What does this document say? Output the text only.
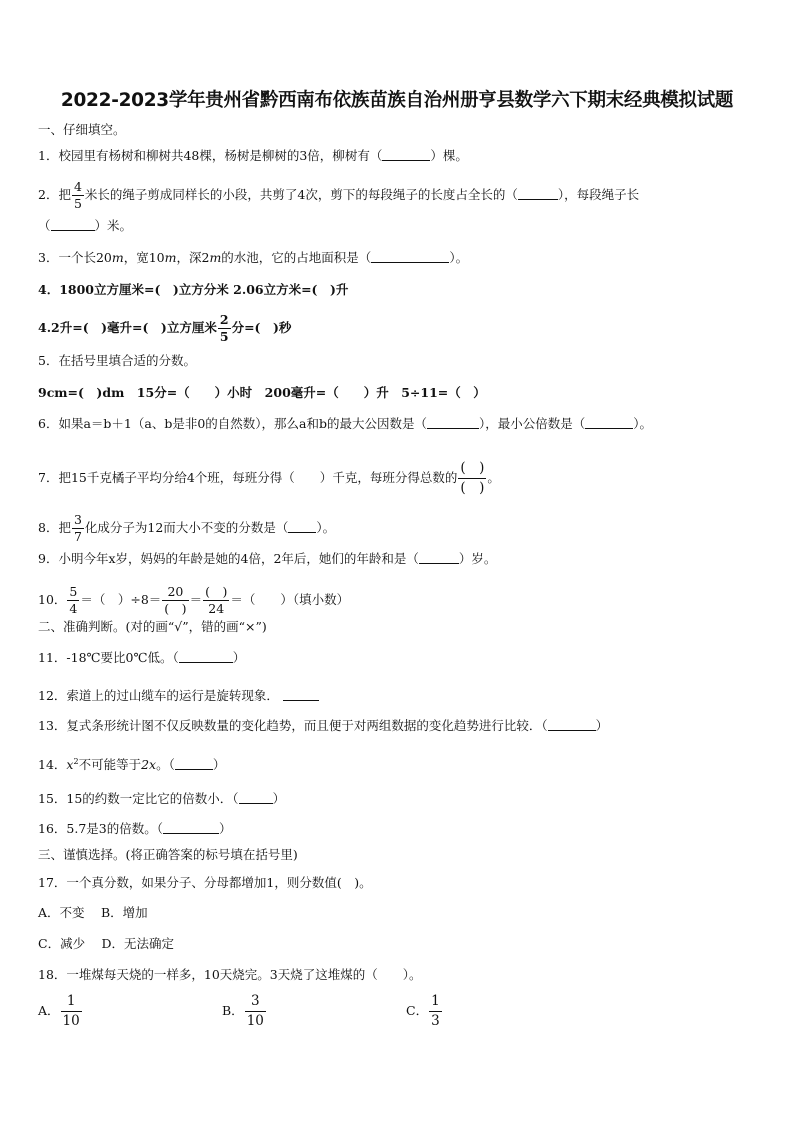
2022-2023学年贵州省黔西南布依族苗族自治州册亨县数学六下期末经典模拟试题
一、仔细填空。
1．校园里有杨树和柳树共48棵，杨树是柳树的3倍，柳树有（	）棵。
2．把 $\frac{4}{5}$ 米长的绳子剪成同样长的小段，共剪了4次，剪下的每段绳子的长度占全长的（	），每段绳子长
（	）米。
3．一个长20m，宽10m，深2m的水池，它的占地面积是（	）。
4．1800立方厘米=(　)立方分米 2.06立方米=(　)升
4.2升=(　)毫升=(　)立方厘米 $\frac{2}{5}$ 分=(　)秒
5．在括号里填合适的分数。
9cm=(　)dm　15分=（　　）小时　200毫升=（　　）升　5÷11=（　）
6．如果a＝b＋1（a、b是非0的自然数），那么a和b的最大公因数是（	），最小公倍数是（	）。
7．把15千克橘子平均分给4个班，每班分得（　　）千克，每班分得总数的 $\frac{( )}{( )}$ 。
8．把 $\frac{3}{7}$ 化成分子为12而大小不变的分数是（ ）。
9．小明今年x岁，妈妈的年龄是她的4倍，2年后，她们的年龄和是（	）岁。
10． $\frac{5}{4}$ ＝（　）$\div 8= \frac{20}{( )} = \frac{( )}{24}$ ＝（　　）（填小数）
二、准确判断。(对的画“√”，错的画“×”)
11．-18℃要比0℃低。（	）
12．索道上的过山缆车的运行是旋转现象．
13．复式条形统计图不仅反映数量的变化趋势，而且便于对两组数据的变化趋势进行比较．（	）
14．$x^2$不可能等于2x。（	）
15．15的约数一定比它的倍数小．（	）
16．5.7是3的倍数。（	）
三、谨慎选择。(将正确答案的标号填在括号里)
17．一个真分数，如果分子、分母都增加1，则分数值(　)。
A．不变　 B．增加
C．减少　 D．无法确定
18．一堆煤每天烧的一样多，10天烧完。3天烧了这堆煤的（　　）。
A． $\frac{1}{10}$	B． $\frac{3}{10}$	C． $\frac{1}{3}$
